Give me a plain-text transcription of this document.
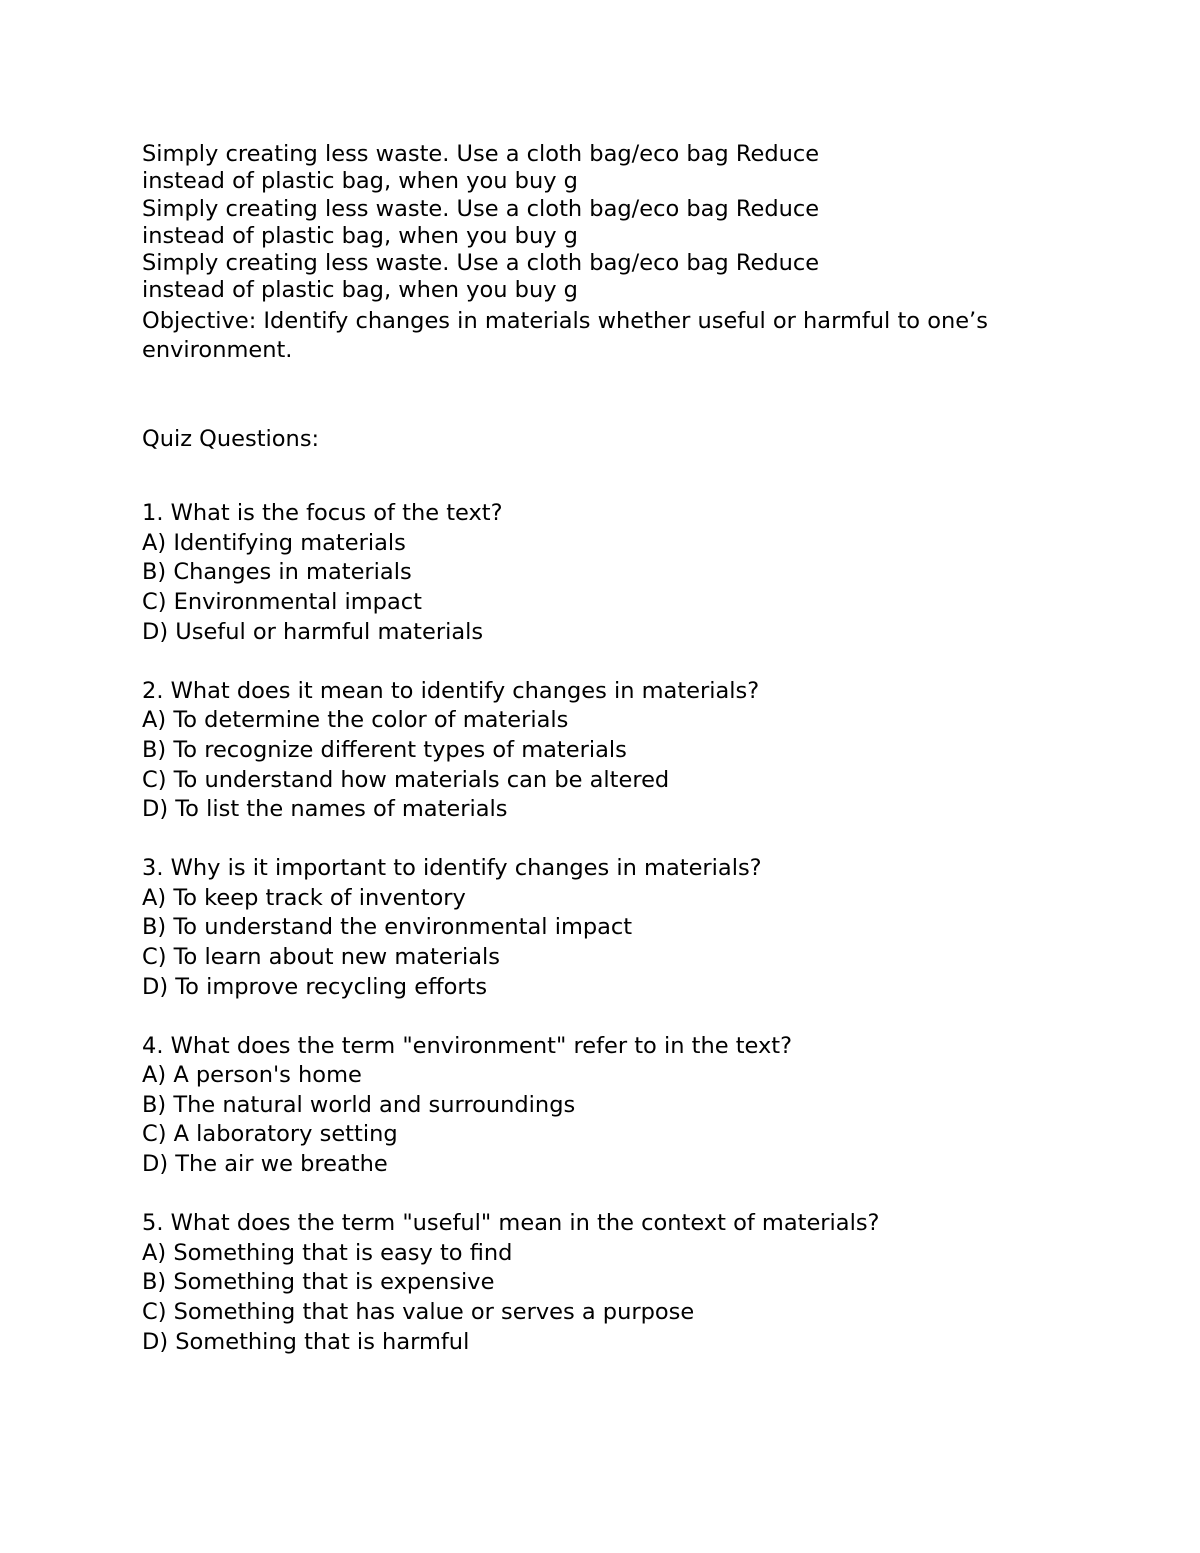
Simply creating less waste. Use a cloth bag/eco bag Reduce
instead of plastic bag, when you buy g
Simply creating less waste. Use a cloth bag/eco bag Reduce
instead of plastic bag, when you buy g
Simply creating less waste. Use a cloth bag/eco bag Reduce
instead of plastic bag, when you buy g
Objective: Identify changes in materials whether useful or harmful to one’s environment.
Quiz Questions:
1. What is the focus of the text?
A) Identifying materials
B) Changes in materials
C) Environmental impact
D) Useful or harmful materials
2. What does it mean to identify changes in materials?
A) To determine the color of materials
B) To recognize different types of materials
C) To understand how materials can be altered
D) To list the names of materials
3. Why is it important to identify changes in materials?
A) To keep track of inventory
B) To understand the environmental impact
C) To learn about new materials
D) To improve recycling efforts
4. What does the term "environment" refer to in the text?
A) A person's home
B) The natural world and surroundings
C) A laboratory setting
D) The air we breathe
5. What does the term "useful" mean in the context of materials?
A) Something that is easy to find
B) Something that is expensive
C) Something that has value or serves a purpose
D) Something that is harmful
